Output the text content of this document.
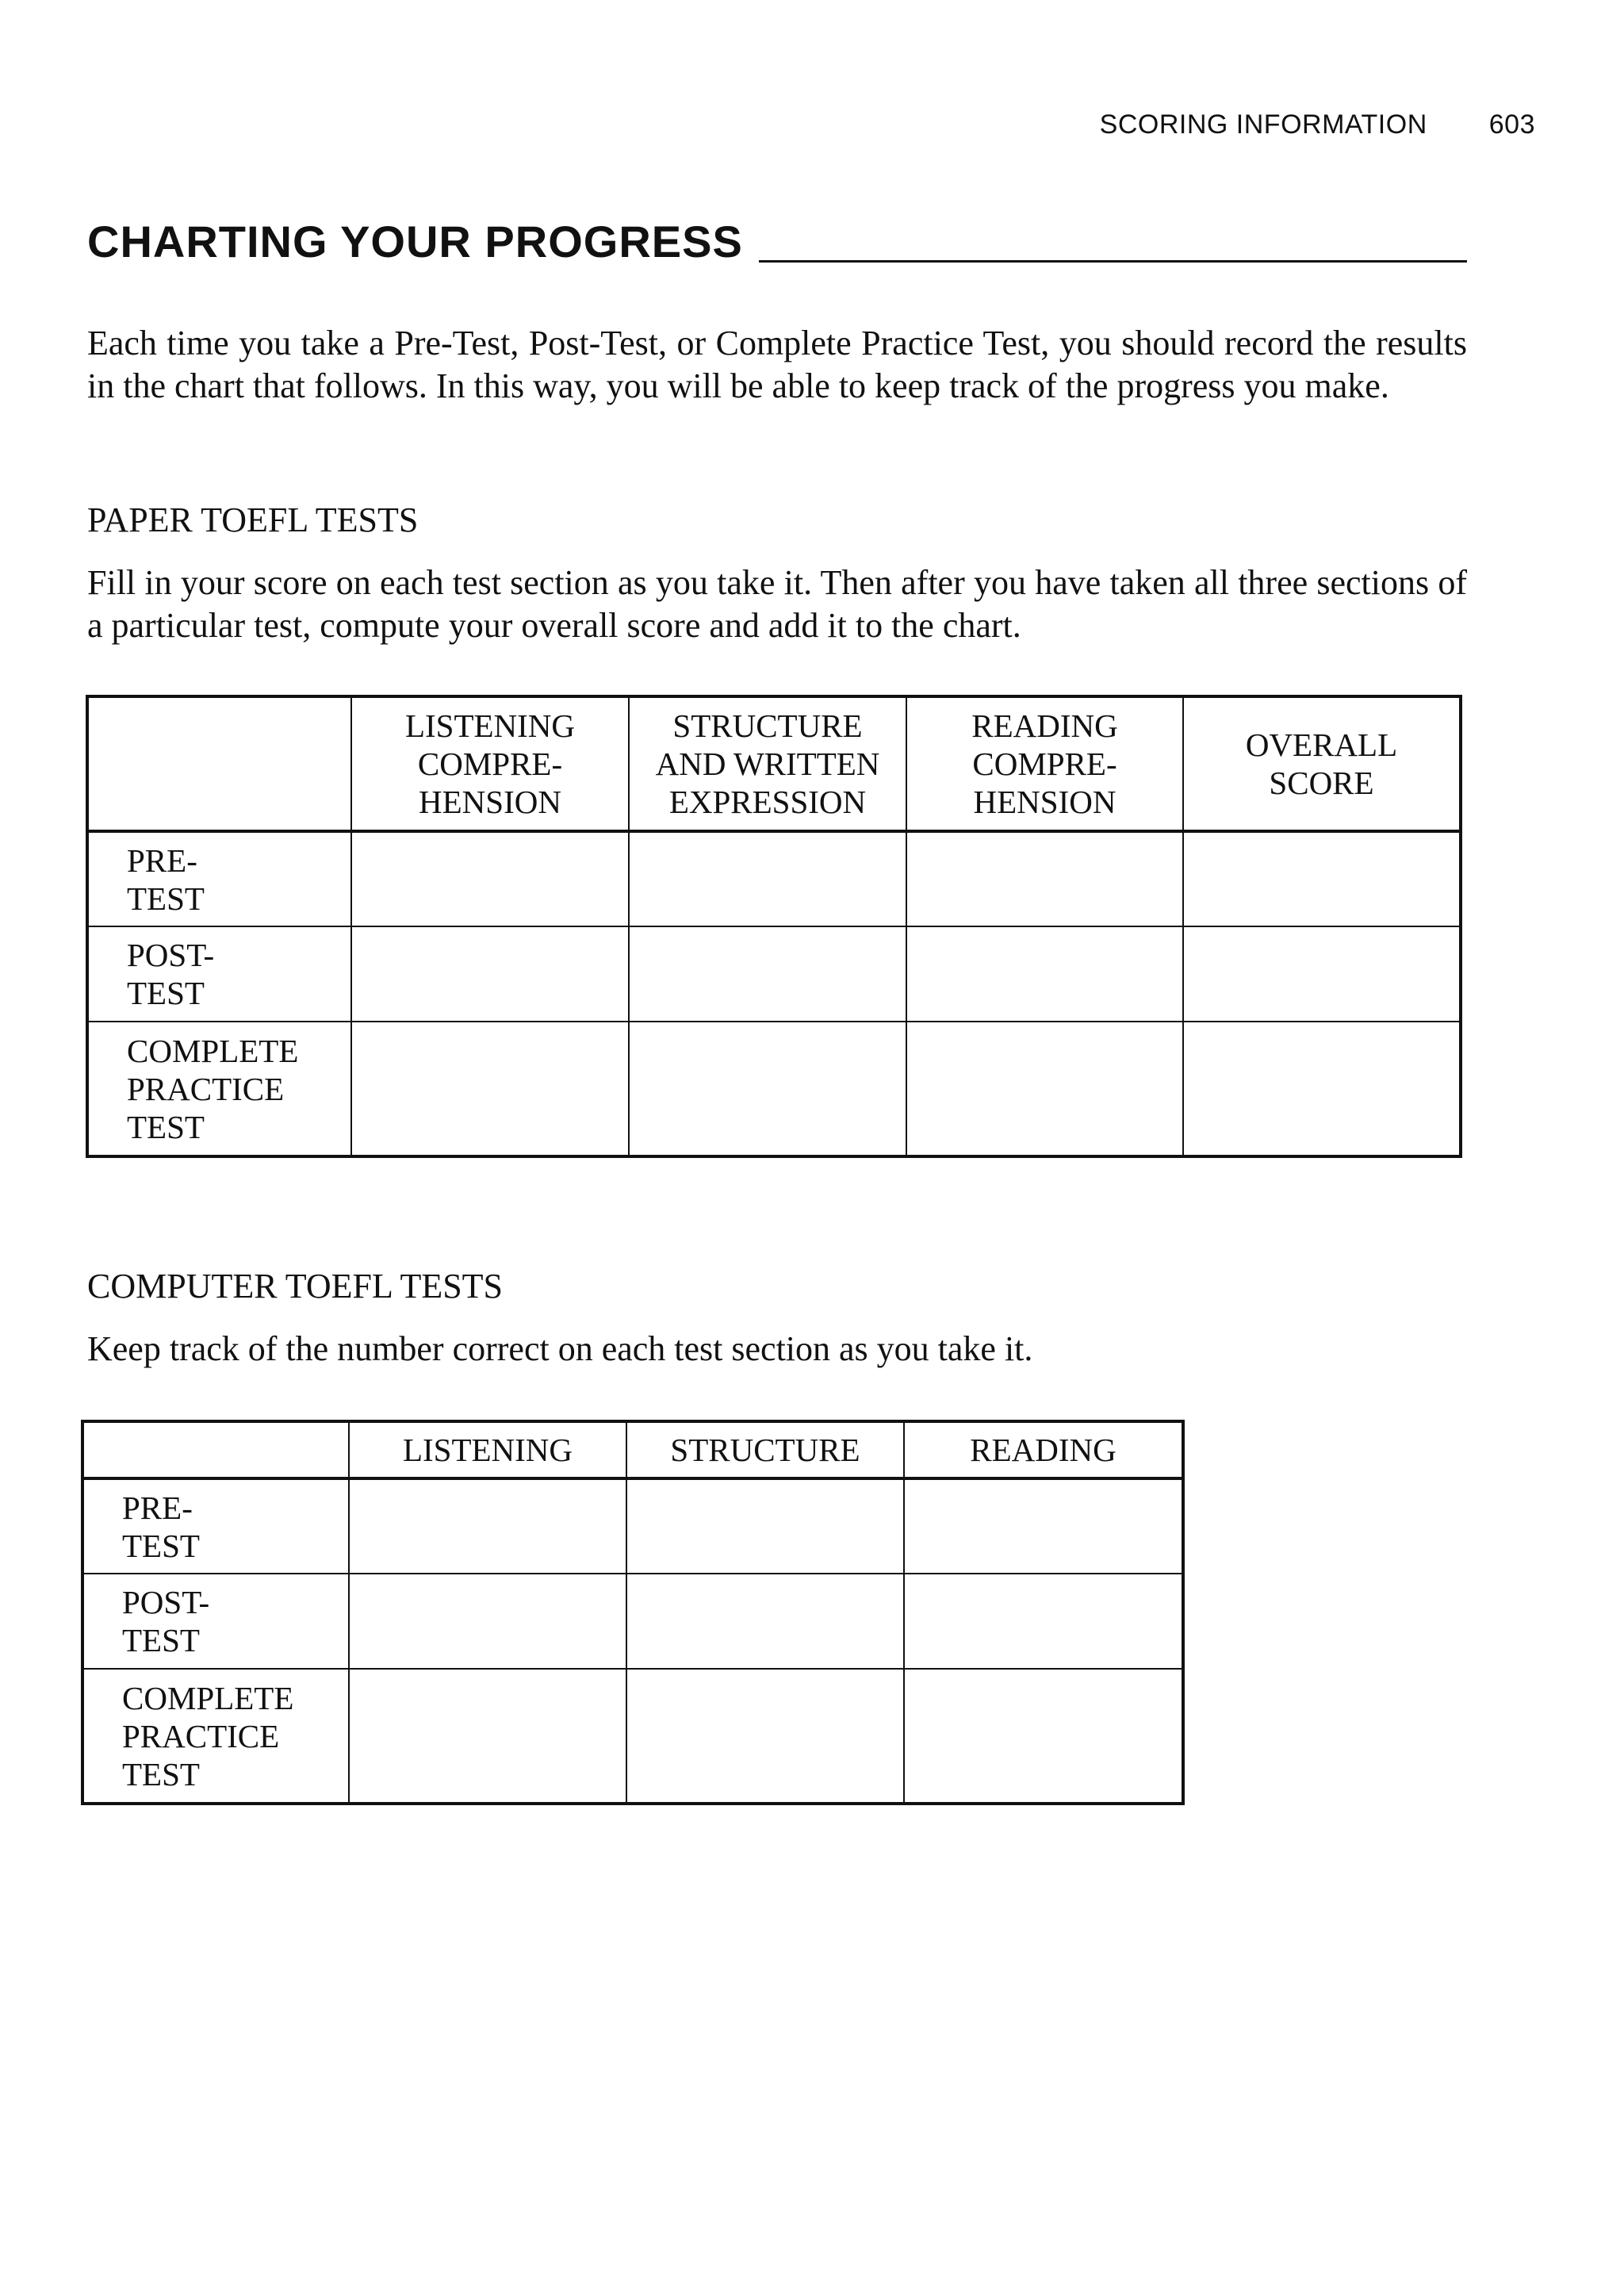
SCORING INFORMATION 603
CHARTING YOUR PROGRESS

Each time you take a Pre-Test, Post-Test, or Complete Practice Test, you should record the results in the chart that follows. In this way, you will be able to keep track of the progress you make.

PAPER TOEFL TESTS

Fill in your score on each test section as you take it. Then after you have taken all three sections of a particular test, compute your overall score and add it to the chart.

	LISTENING
COMPRE-
HENSION	STRUCTURE
AND WRITTEN
EXPRESSION	READING
COMPRE-
HENSION	OVERALL
SCORE
PRE-
TEST				
POST-
TEST				
COMPLETE
PRACTICE
TEST				

COMPUTER TOEFL TESTS

Keep track of the number correct on each test section as you take it.

	LISTENING	STRUCTURE	READING
PRE-
TEST			
POST-
TEST			
COMPLETE
PRACTICE
TEST			
